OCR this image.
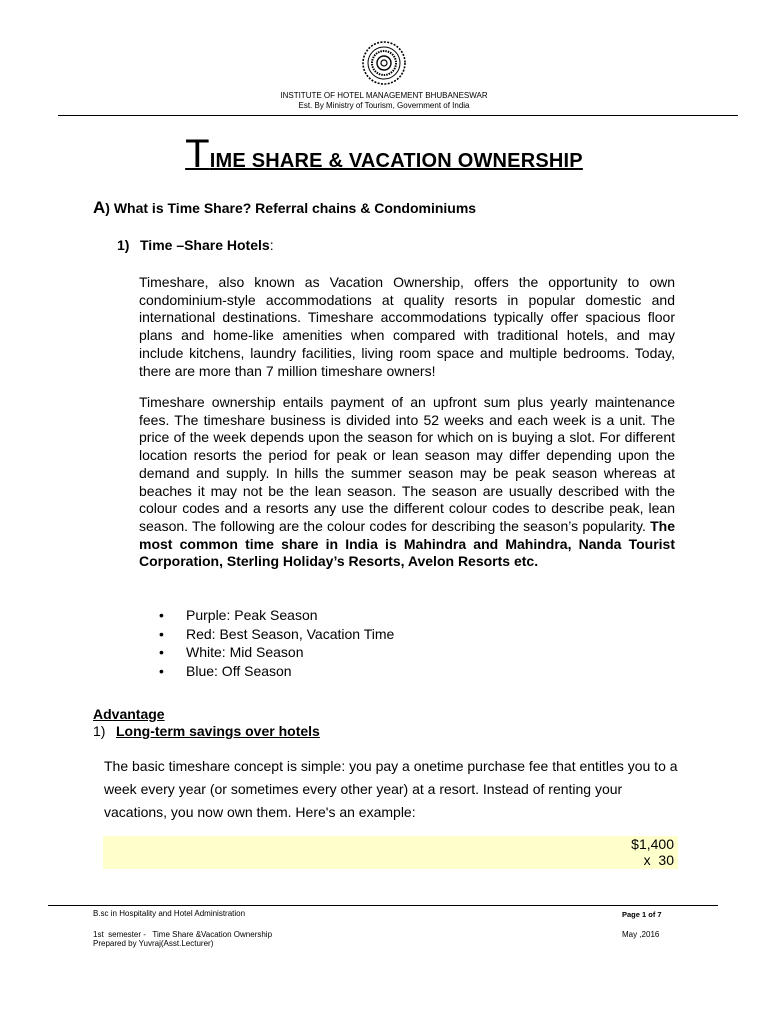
INSTITUTE OF HOTEL MANAGEMENT BHUBANESWAR
Est. By Ministry of Tourism, Government of India
TIME SHARE & VACATION OWNERSHIP
A) What is Time Share? Referral chains & Condominiums
1) Time –Share Hotels:
Timeshare, also known as Vacation Ownership, offers the opportunity to own condominium-style accommodations at quality resorts in popular domestic and international destinations. Timeshare accommodations typically offer spacious floor plans and home-like amenities when compared with traditional hotels, and may include kitchens, laundry facilities, living room space and multiple bedrooms. Today, there are more than 7 million timeshare owners!
Timeshare ownership entails payment of an upfront sum plus yearly maintenance fees. The timeshare business is divided into 52 weeks and each week is a unit. The price of the week depends upon the season for which on is buying a slot. For different location resorts the period for peak or lean season may differ depending upon the demand and supply. In hills the summer season may be peak season whereas at beaches it may not be the lean season. The season are usually described with the colour codes and a resorts any use the different colour codes to describe peak, lean season. The following are the colour codes for describing the season’s popularity. The most common time share in India is Mahindra and Mahindra, Nanda Tourist Corporation, Sterling Holiday’s Resorts, Avelon Resorts etc.
• Purple: Peak Season
• Red: Best Season, Vacation Time
• White: Mid Season
• Blue: Off Season
Advantage
1) Long-term savings over hotels
The basic timeshare concept is simple: you pay a onetime purchase fee that entitles you to a week every year (or sometimes every other year) at a resort. Instead of renting your vacations, you now own them. Here's an example:
$1,400
x  30
B.sc in Hospitality and Hotel Administration	Page 1 of 7
1st  semester -   Time Share &Vacation Ownership
Prepared by Yuvraj(Asst.Lecturer)
May ,2016
